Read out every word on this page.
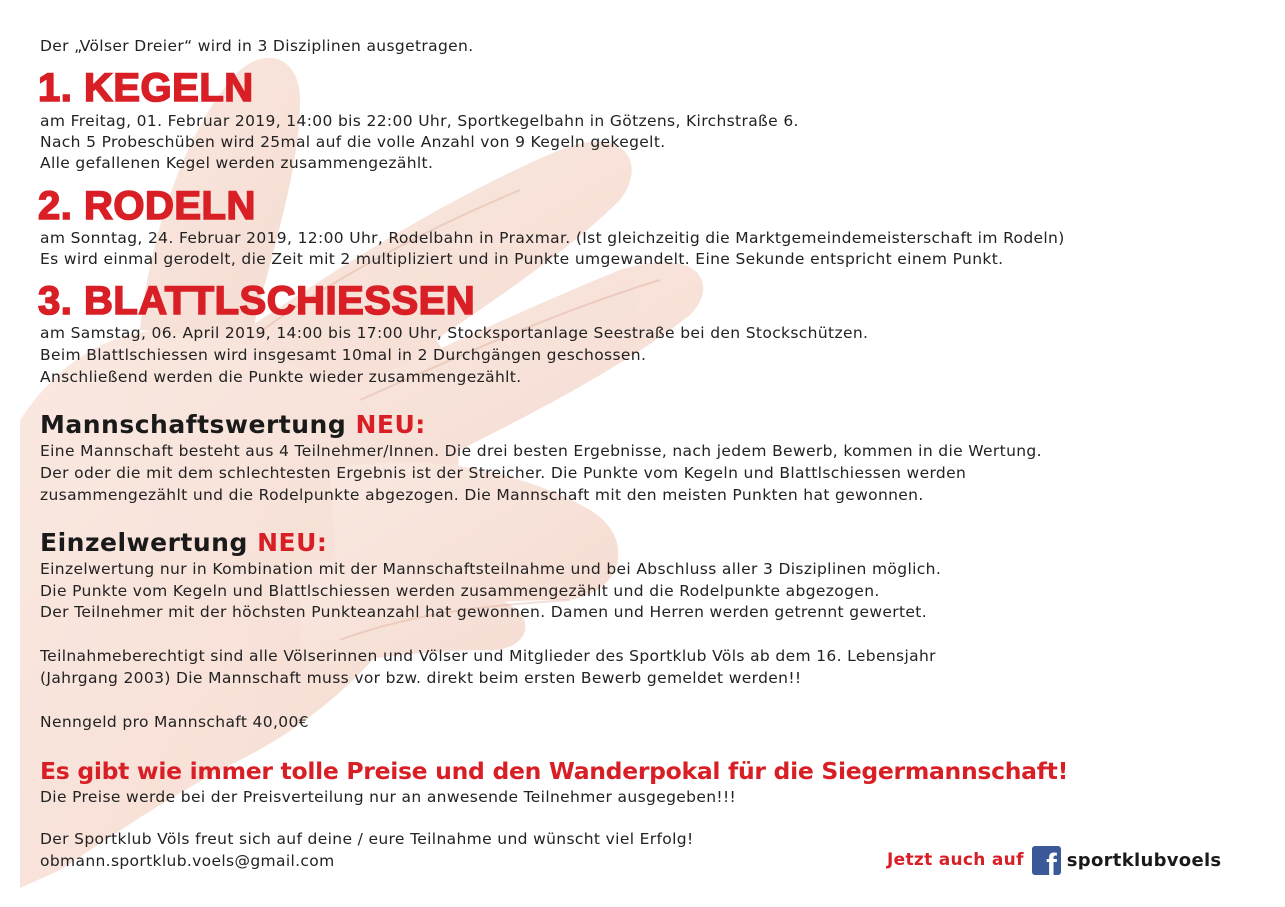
Der „Völser Dreier“ wird in 3 Disziplinen ausgetragen.
1. KEGELN
am Freitag, 01. Februar 2019, 14:00 bis 22:00 Uhr, Sportkegelbahn in Götzens, Kirchstraße 6.
Nach 5 Probeschüben wird 25mal auf die volle Anzahl von 9 Kegeln gekegelt.
Alle gefallenen Kegel werden zusammengezählt.
2. RODELN
am Sonntag, 24. Februar 2019, 12:00 Uhr, Rodelbahn in Praxmar. (Ist gleichzeitig die Marktgemeindemeisterschaft im Rodeln)
Es wird einmal gerodelt, die Zeit mit 2 multipliziert und in Punkte umgewandelt. Eine Sekunde entspricht einem Punkt.
3. BLATTLSCHIESSEN
am Samstag, 06. April 2019, 14:00 bis 17:00 Uhr, Stocksportanlage Seestraße bei den Stockschützen.
Beim Blattlschiessen wird insgesamt 10mal in 2 Durchgängen geschossen.
Anschließend werden die Punkte wieder zusammengezählt.
Mannschaftswertung NEU:
Eine Mannschaft besteht aus 4 Teilnehmer/Innen. Die drei besten Ergebnisse, nach jedem Bewerb, kommen in die Wertung.
Der oder die mit dem schlechtesten Ergebnis ist der Streicher. Die Punkte vom Kegeln und Blattlschiessen werden
zusammengezählt und die Rodelpunkte abgezogen. Die Mannschaft mit den meisten Punkten hat gewonnen.
Einzelwertung NEU:
Einzelwertung nur in Kombination mit der Mannschaftsteilnahme und bei Abschluss aller 3 Disziplinen möglich.
Die Punkte vom Kegeln und Blattlschiessen werden zusammengezählt und die Rodelpunkte abgezogen.
Der Teilnehmer mit der höchsten Punkteanzahl hat gewonnen. Damen und Herren werden getrennt gewertet.
Teilnahmeberechtigt sind alle Völserinnen und Völser und Mitglieder des Sportklub Völs ab dem 16. Lebensjahr
(Jahrgang 2003) Die Mannschaft muss vor bzw. direkt beim ersten Bewerb gemeldet werden!!
Nenngeld pro Mannschaft 40,00€
Es gibt wie immer tolle Preise und den Wanderpokal für die Siegermannschaft!
Die Preise werde bei der Preisverteilung nur an anwesende Teilnehmer ausgegeben!!!
Der Sportklub Völs freut sich auf deine / eure Teilnahme und wünscht viel Erfolg!
obmann.sportklub.voels@gmail.com	Jetzt auch auf f sportklubvoels
